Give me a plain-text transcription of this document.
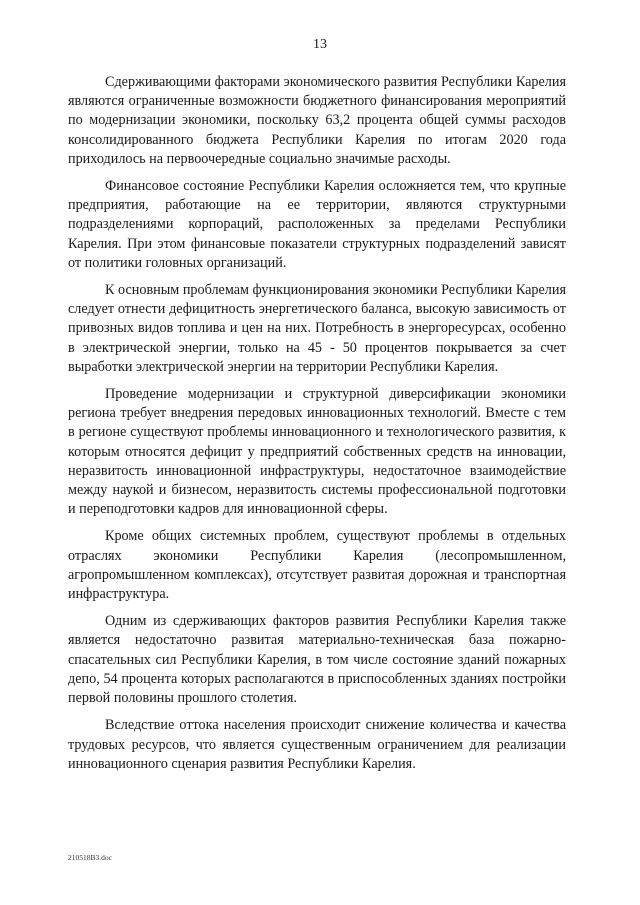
13

Сдерживающими факторами экономического развития Республики Карелия являются ограниченные возможности бюджетного финансирования мероприятий по модернизации экономики, поскольку 63,2 процента общей суммы расходов консолидированного бюджета Республики Карелия по итогам 2020 года приходилось на первоочередные социально значимые расходы.

Финансовое состояние Республики Карелия осложняется тем, что крупные предприятия, работающие на ее территории, являются структурными подразделениями корпораций, расположенных за пределами Республики Карелия. При этом финансовые показатели структурных подразделений зависят от политики головных организаций.

К основным проблемам функционирования экономики Республики Карелия следует отнести дефицитность энергетического баланса, высокую зависимость от привозных видов топлива и цен на них. Потребность в энергоресурсах, особенно в электрической энергии, только на 45 - 50 процентов покрывается за счет выработки электрической энергии на территории Республики Карелия.

Проведение модернизации и структурной диверсификации экономики региона требует внедрения передовых инновационных технологий. Вместе с тем в регионе существуют проблемы инновационного и технологического развития, к которым относятся дефицит у предприятий собственных средств на инновации, неразвитость инновационной инфраструктуры, недостаточное взаимодействие между наукой и бизнесом, неразвитость системы профессиональной подготовки и переподготовки кадров для инновационной сферы.

Кроме общих системных проблем, существуют проблемы в отдельных отраслях экономики Республики Карелия (лесопромышленном, агропромышленном комплексах), отсутствует развитая дорожная и транспортная инфраструктура.

Одним из сдерживающих факторов развития Республики Карелия также является недостаточно развитая материально-техническая база пожарно-спасательных сил Республики Карелия, в том числе состояние зданий пожарных депо, 54 процента которых располагаются в приспособленных зданиях постройки первой половины прошлого столетия.

Вследствие оттока населения происходит снижение количества и качества трудовых ресурсов, что является существенным ограничением для реализации инновационного сценария развития Республики Карелия.

210518В3.doc
